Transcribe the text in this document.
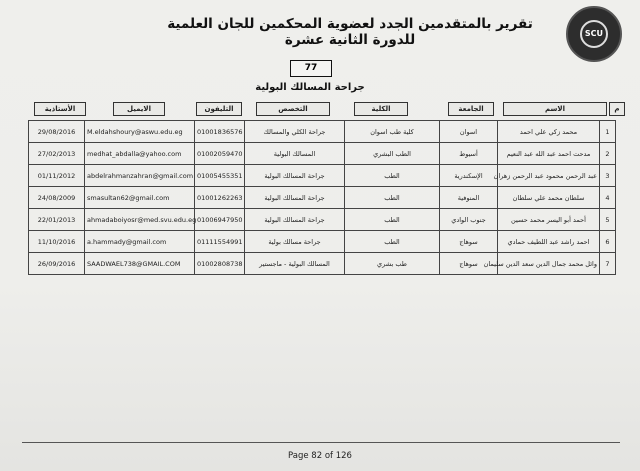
SCU
تقرير بالمتقدمين الجدد لعضوية المحكمين للجان العلمية للدورة الثانية عشرة
77
جراحة المسالك البولية
الأستاذية	الايميل	التليفون	التخصص	الكلية	الجامعة	الاسم	م
29/08/2016	M.eldahshoury@aswu.edu.eg	01001836576	جراحة الكلي والمسالك	كلية طب اسوان	اسوان	محمد زكي علي احمد	1
27/02/2013	medhat_abdalla@yahoo.com	01002059470	المسالك البولية	الطب البشري	أسيوط	مدحت احمد عبد الله عبد النعيم	2
01/11/2012	abdelrahmanzahran@gmail.com	01005455351	جراحة المسالك البولية	الطب	الإسكندرية	عبد الرحمن محمود عبد الرحمن زهران	3
24/08/2009	smasultan62@gmail.com	01001262263	جراحة المسالك البولية	الطب	المنوفية	سلطان محمد علي سلطان	4
22/01/2013	ahmadaboiyosr@med.svu.edu.eg	01006947950	جراحة المسالك البولية	الطب	جنوب الوادي	أحمد أبو اليسر محمد حسين	5
11/10/2016	a.hammady@gmail.com	01111554991	جراحة مسالك بولية	الطب	سوهاج	احمد راشد عبد اللطيف حمادي	6
26/09/2016	SAADWAEL738@GMAIL.COM	01002808738	المسالك البولية - ماجستير	طب بشري	سوهاج	وائل محمد جمال الدين سعد الدين سليمان	7
Page 82 of 126
